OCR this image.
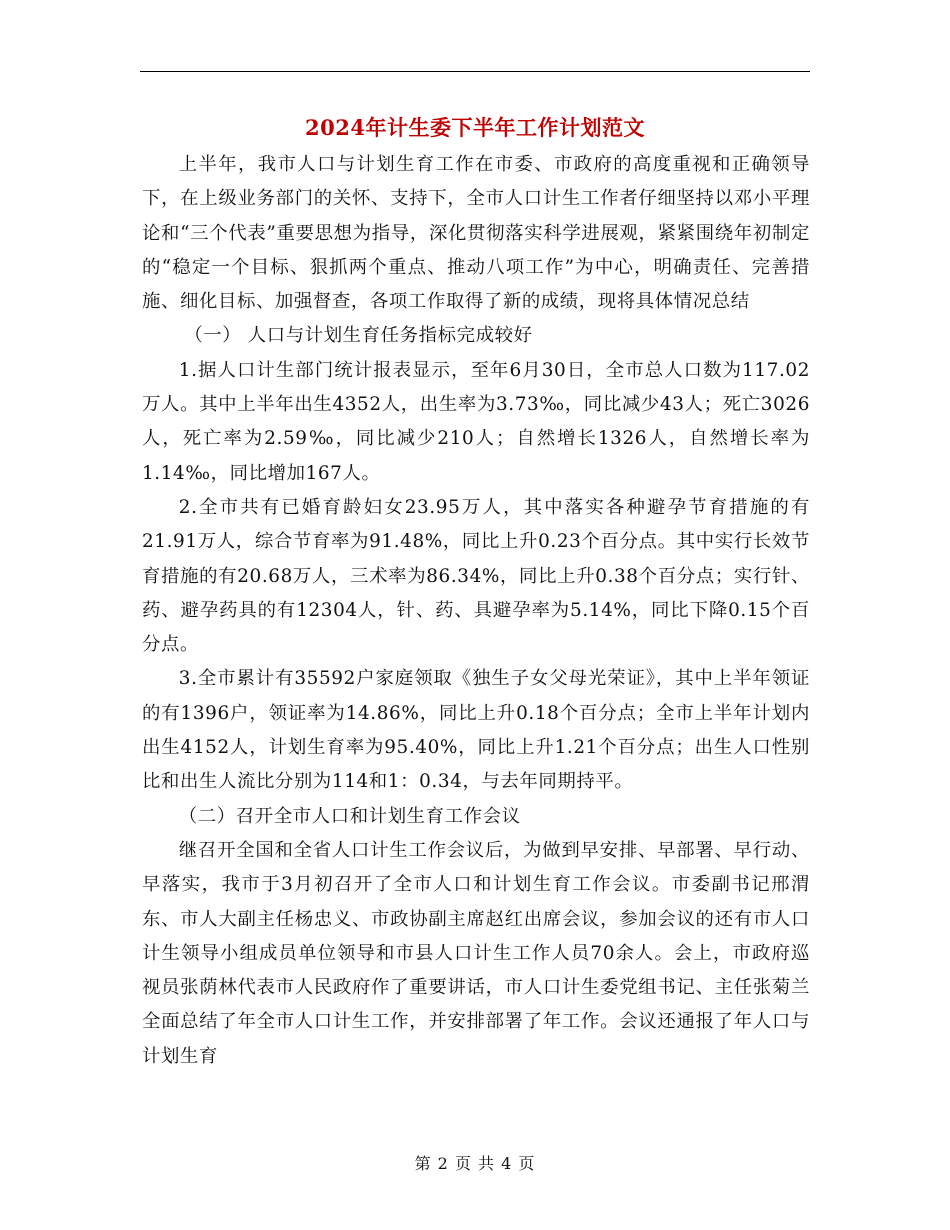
2024年计生委下半年工作计划范文

上半年，我市人口与计划生育工作在市委、市政府的高度重视和正确领导下，在上级业务部门的关怀、支持下，全市人口计生工作者仔细坚持以邓小平理论和“三个代表”重要思想为指导，深化贯彻落实科学进展观，紧紧围绕年初制定的“稳定一个目标、狠抓两个重点、推动八项工作”为中心，明确责任、完善措施、细化目标、加强督查，各项工作取得了新的成绩，现将具体情况总结

（一） 人口与计划生育任务指标完成较好

1.据人口计生部门统计报表显示，至年6月30日，全市总人口数为117.02万人。其中上半年出生4352人，出生率为3.73‰，同比减少43人；死亡3026人，死亡率为2.59‰，同比减少210人；自然增长1326人，自然增长率为1.14‰，同比增加167人。

2.全市共有已婚育龄妇女23.95万人，其中落实各种避孕节育措施的有21.91万人，综合节育率为91.48%，同比上升0.23个百分点。其中实行长效节育措施的有20.68万人，三术率为86.34%，同比上升0.38个百分点；实行针、药、避孕药具的有12304人，针、药、具避孕率为5.14%，同比下降0.15个百分点。

3.全市累计有35592户家庭领取《独生子女父母光荣证》，其中上半年领证的有1396户，领证率为14.86%，同比上升0.18个百分点；全市上半年计划内出生4152人，计划生育率为95.40%，同比上升1.21个百分点；出生人口性别比和出生人流比分别为114和1：0.34，与去年同期持平。

（二）召开全市人口和计划生育工作会议

继召开全国和全省人口计生工作会议后，为做到早安排、早部署、早行动、早落实，我市于3月初召开了全市人口和计划生育工作会议。市委副书记邢渭东、市人大副主任杨忠义、市政协副主席赵红出席会议，参加会议的还有市人口计生领导小组成员单位领导和市县人口计生工作人员70余人。会上，市政府巡视员张荫林代表市人民政府作了重要讲话，市人口计生委党组书记、主任张菊兰全面总结了年全市人口计生工作，并安排部署了年工作。会议还通报了年人口与计划生育

第 2 页 共 4 页
